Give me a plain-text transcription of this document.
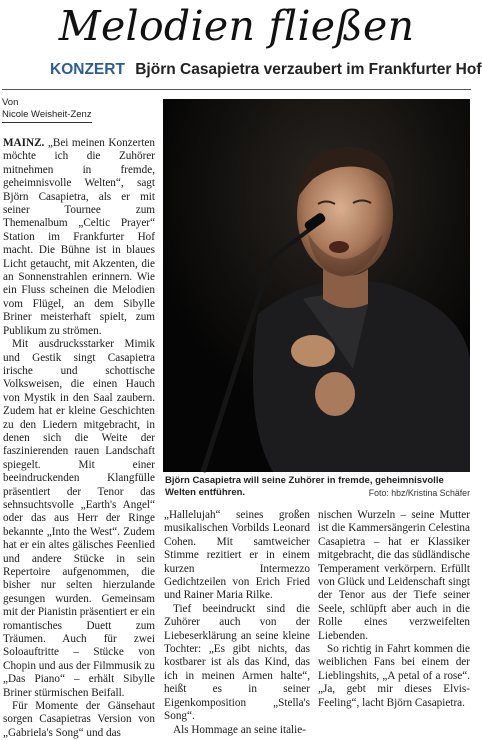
Melodien fließen
KONZERT Björn Casapietra verzaubert im Frankfurter Hof
Von
Nicole Weisheit-Zenz

MAINZ. „Bei meinen Konzerten möchte ich die Zuhörer mitnehmen in fremde, geheimnisvolle Welten“, sagt Björn Casapietra, als er mit seiner Tournee zum Themenalbum „Celtic Prayer“ Station im Frankfurter Hof macht. Die Bühne ist in blaues Licht getaucht, mit Akzenten, die an Sonnenstrahlen erinnern. Wie ein Fluss scheinen die Melodien vom Flügel, an dem Sibylle Briner meisterhaft spielt, zum Publikum zu strömen.

Mit ausdrucksstarker Mimik und Gestik singt Casapietra irische und schottische Volksweisen, die einen Hauch von Mystik in den Saal zaubern. Zudem hat er kleine Geschichten zu den Liedern mitgebracht, in denen sich die Weite der faszinierenden rauen Landschaft spiegelt. Mit einer beeindruckenden Klangfülle präsentiert der Tenor das sehnsuchtsvolle „Earth's Angel“ oder das aus Herr der Ringe bekannte „Into the West“. Zudem hat er ein altes gälisches Feenlied und andere Stücke in sein Repertoire aufgenommen, die bisher nur selten hierzulande gesungen wurden. Gemeinsam mit der Pianistin präsentiert er ein romantisches Duett zum Träumen. Auch für zwei Soloauftritte – Stücke von Chopin und aus der Filmmusik zu „Das Piano“ – erhält Sibylle Briner stürmischen Beifall.

Für Momente der Gänsehaut sorgen Casapietras Version von „Gabriela's Song“ und das

Björn Casapietra will seine Zuhörer in fremde, geheimnisvolle Welten entführen.	Foto: hbz/Kristina Schäfer

„Hallelujah“ seines großen musikalischen Vorbilds Leonard Cohen. Mit samtweicher Stimme rezitiert er in einem kurzen Intermezzo Gedichtzeilen von Erich Fried und Rainer Maria Rilke.

Tief beeindruckt sind die Zuhörer auch von der Liebeserklärung an seine kleine Tochter: „Es gibt nichts, das kostbarer ist als das Kind, das ich in meinen Armen halte“, heißt es in seiner Eigenkomposition „Stella's Song“.

Als Hommage an seine italie-

nischen Wurzeln – seine Mutter ist die Kammersängerin Celestina Casapietra – hat er Klassiker mitgebracht, die das südländische Temperament verkörpern. Erfüllt von Glück und Leidenschaft singt der Tenor aus der Tiefe seiner Seele, schlüpft aber auch in die Rolle eines verzweifelten Liebenden.

So richtig in Fahrt kommen die weiblichen Fans bei einem der Lieblingshits, „A petal of a rose“. „Ja, gebt mir dieses Elvis-Feeling“, lacht Björn Casapietra.
